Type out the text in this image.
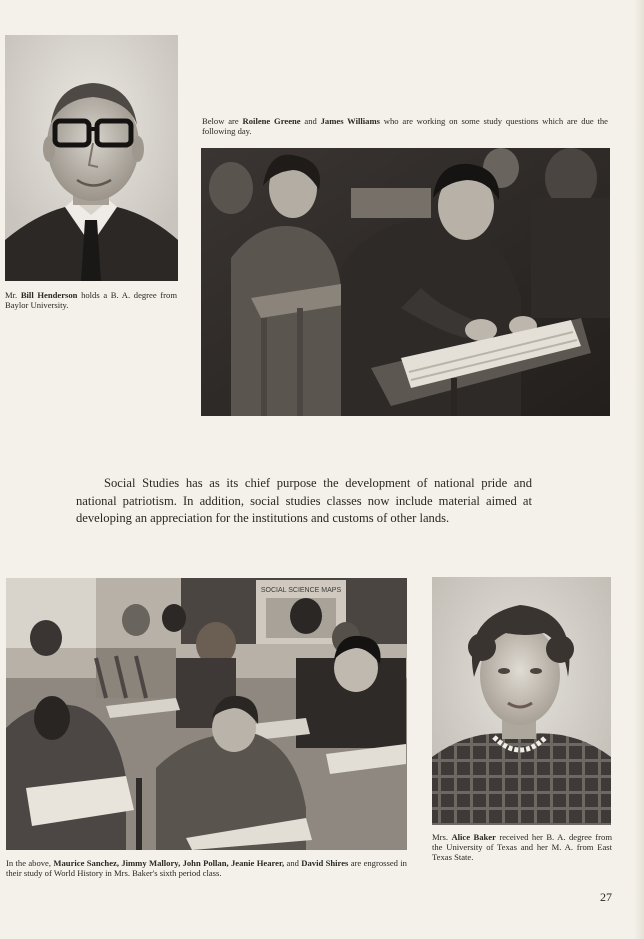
Mr. Bill Henderson holds a B. A. degree from Baylor University.
Below are Roilene Greene and James Williams who are working on some study questions which are due the following day.
Social Studies has as its chief purpose the development of national pride and national patriotism. In addition, social studies classes now include material aimed at developing an appreciation for the institutions and customs of other lands.
SOCIAL SCIENCE MAPS
In the above, Maurice Sanchez, Jimmy Mallory, John Pollan, Jeanie Hearer, and David Shires are engrossed in their study of World History in Mrs. Baker's sixth period class.
Mrs. Alice Baker received her B. A. degree from the University of Texas and her M. A. from East Texas State.
27
